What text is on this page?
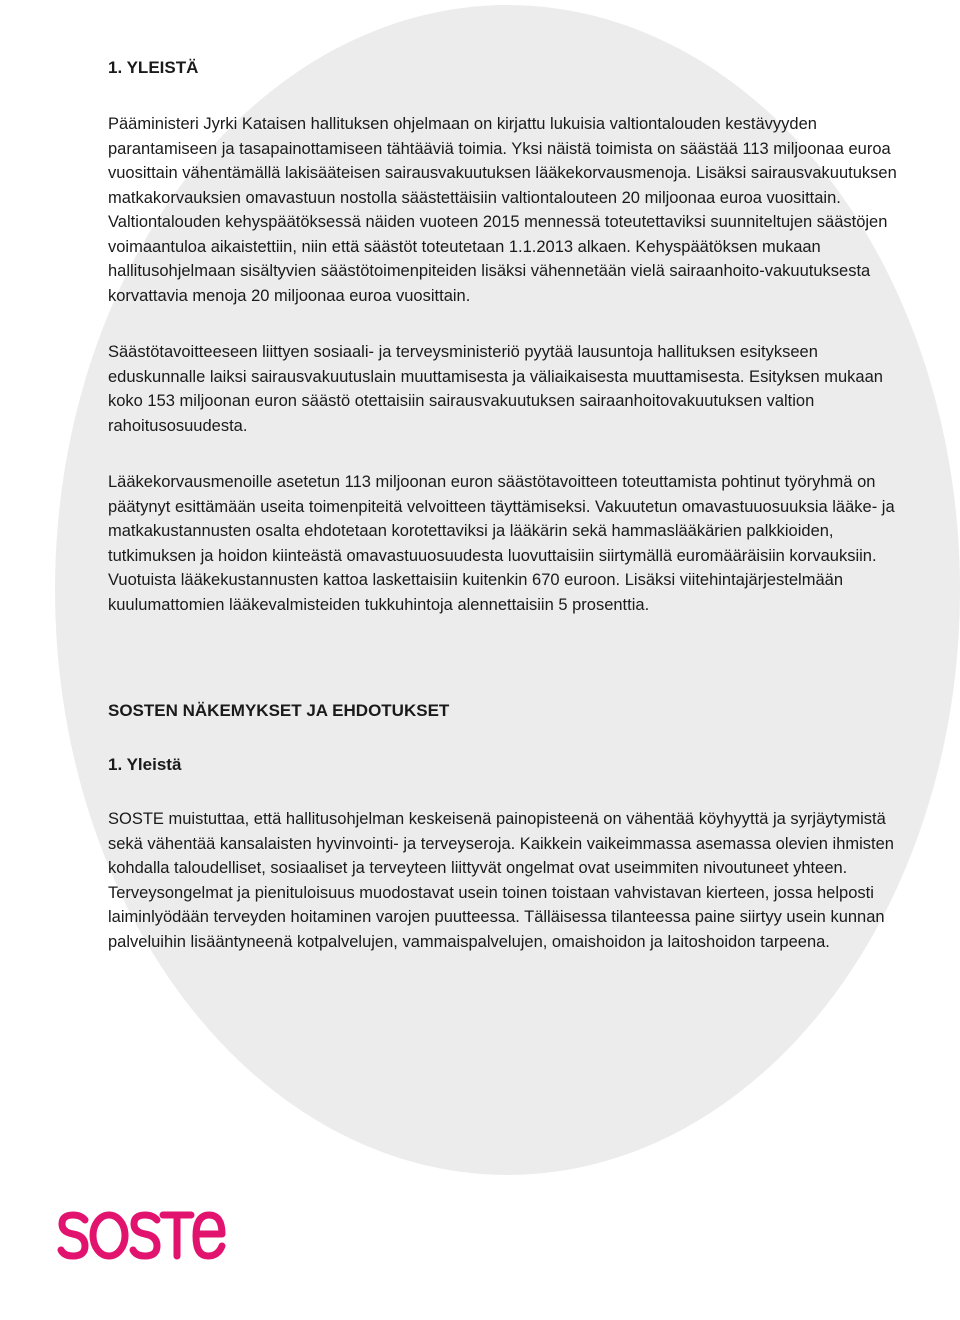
1. YLEISTÄ

Pääministeri Jyrki Kataisen hallituksen ohjelmaan on kirjattu lukuisia valtiontalouden kestävyyden parantamiseen ja tasapainottamiseen tähtääviä toimia. Yksi näistä toimista on säästää 113 miljoonaa euroa vuosittain vähentämällä lakisääteisen sairausvakuutuksen lääkekorvausmenoja. Lisäksi sairausvakuutuksen matkakorvauksien omavastuun nostolla säästettäisiin valtiontalouteen 20 miljoonaa euroa vuosittain. Valtiontalouden kehyspäätöksessä näiden vuoteen 2015 mennessä toteutettaviksi suunniteltujen säästöjen voimaantuloa aikaistettiin, niin että säästöt toteutetaan 1.1.2013 alkaen. Kehyspäätöksen mukaan hallitusohjelmaan sisältyvien säästötoimenpiteiden lisäksi vähennetään vielä sairaanhoito-vakuutuksesta korvattavia menoja 20 miljoonaa euroa vuosittain.

Säästötavoitteeseen liittyen sosiaali- ja terveysministeriö pyytää lausuntoja hallituksen esitykseen eduskunnalle laiksi sairausvakuutuslain muuttamisesta ja väliaikaisesta muuttamisesta. Esityksen mukaan koko 153 miljoonan euron säästö otettaisiin sairausvakuutuksen sairaanhoitovakuutuksen valtion rahoitusosuudesta.

Lääkekorvausmenoille asetetun 113 miljoonan euron säästötavoitteen toteuttamista pohtinut työryhmä on päätynyt esittämään useita toimenpiteitä velvoitteen täyttämiseksi. Vakuutetun omavastuuosuuksia lääke- ja matkakustannusten osalta ehdotetaan korotettaviksi ja lääkärin sekä hammaslääkärien palkkioiden, tutkimuksen ja hoidon kiinteästä omavastuuosuudesta luovuttaisiin siirtymällä euromääräisiin korvauksiin. Vuotuista lääkekustannusten kattoa laskettaisiin kuitenkin 670 euroon. Lisäksi viitehintajärjestelmään kuulumattomien lääkevalmisteiden tukkuhintoja alennettaisiin 5 prosenttia.

SOSTEN NÄKEMYKSET JA EHDOTUKSET
1. Yleistä

SOSTE muistuttaa, että hallitusohjelman keskeisenä painopisteenä on vähentää köyhyyttä ja syrjäytymistä sekä vähentää kansalaisten hyvinvointi- ja terveyseroja. Kaikkein vaikeimmassa asemassa olevien ihmisten kohdalla taloudelliset, sosiaaliset ja terveyteen liittyvät ongelmat ovat useimmiten nivoutuneet yhteen. Terveysongelmat ja pienituloisuus muodostavat usein toinen toistaan vahvistavan kierteen, jossa helposti laiminlyödään terveyden hoitaminen varojen puutteessa. Tälläisessa tilanteessa paine siirtyy usein kunnan palveluihin lisääntyneenä kotpalvelujen, vammaispalvelujen, omaishoidon ja laitoshoidon tarpeena.
